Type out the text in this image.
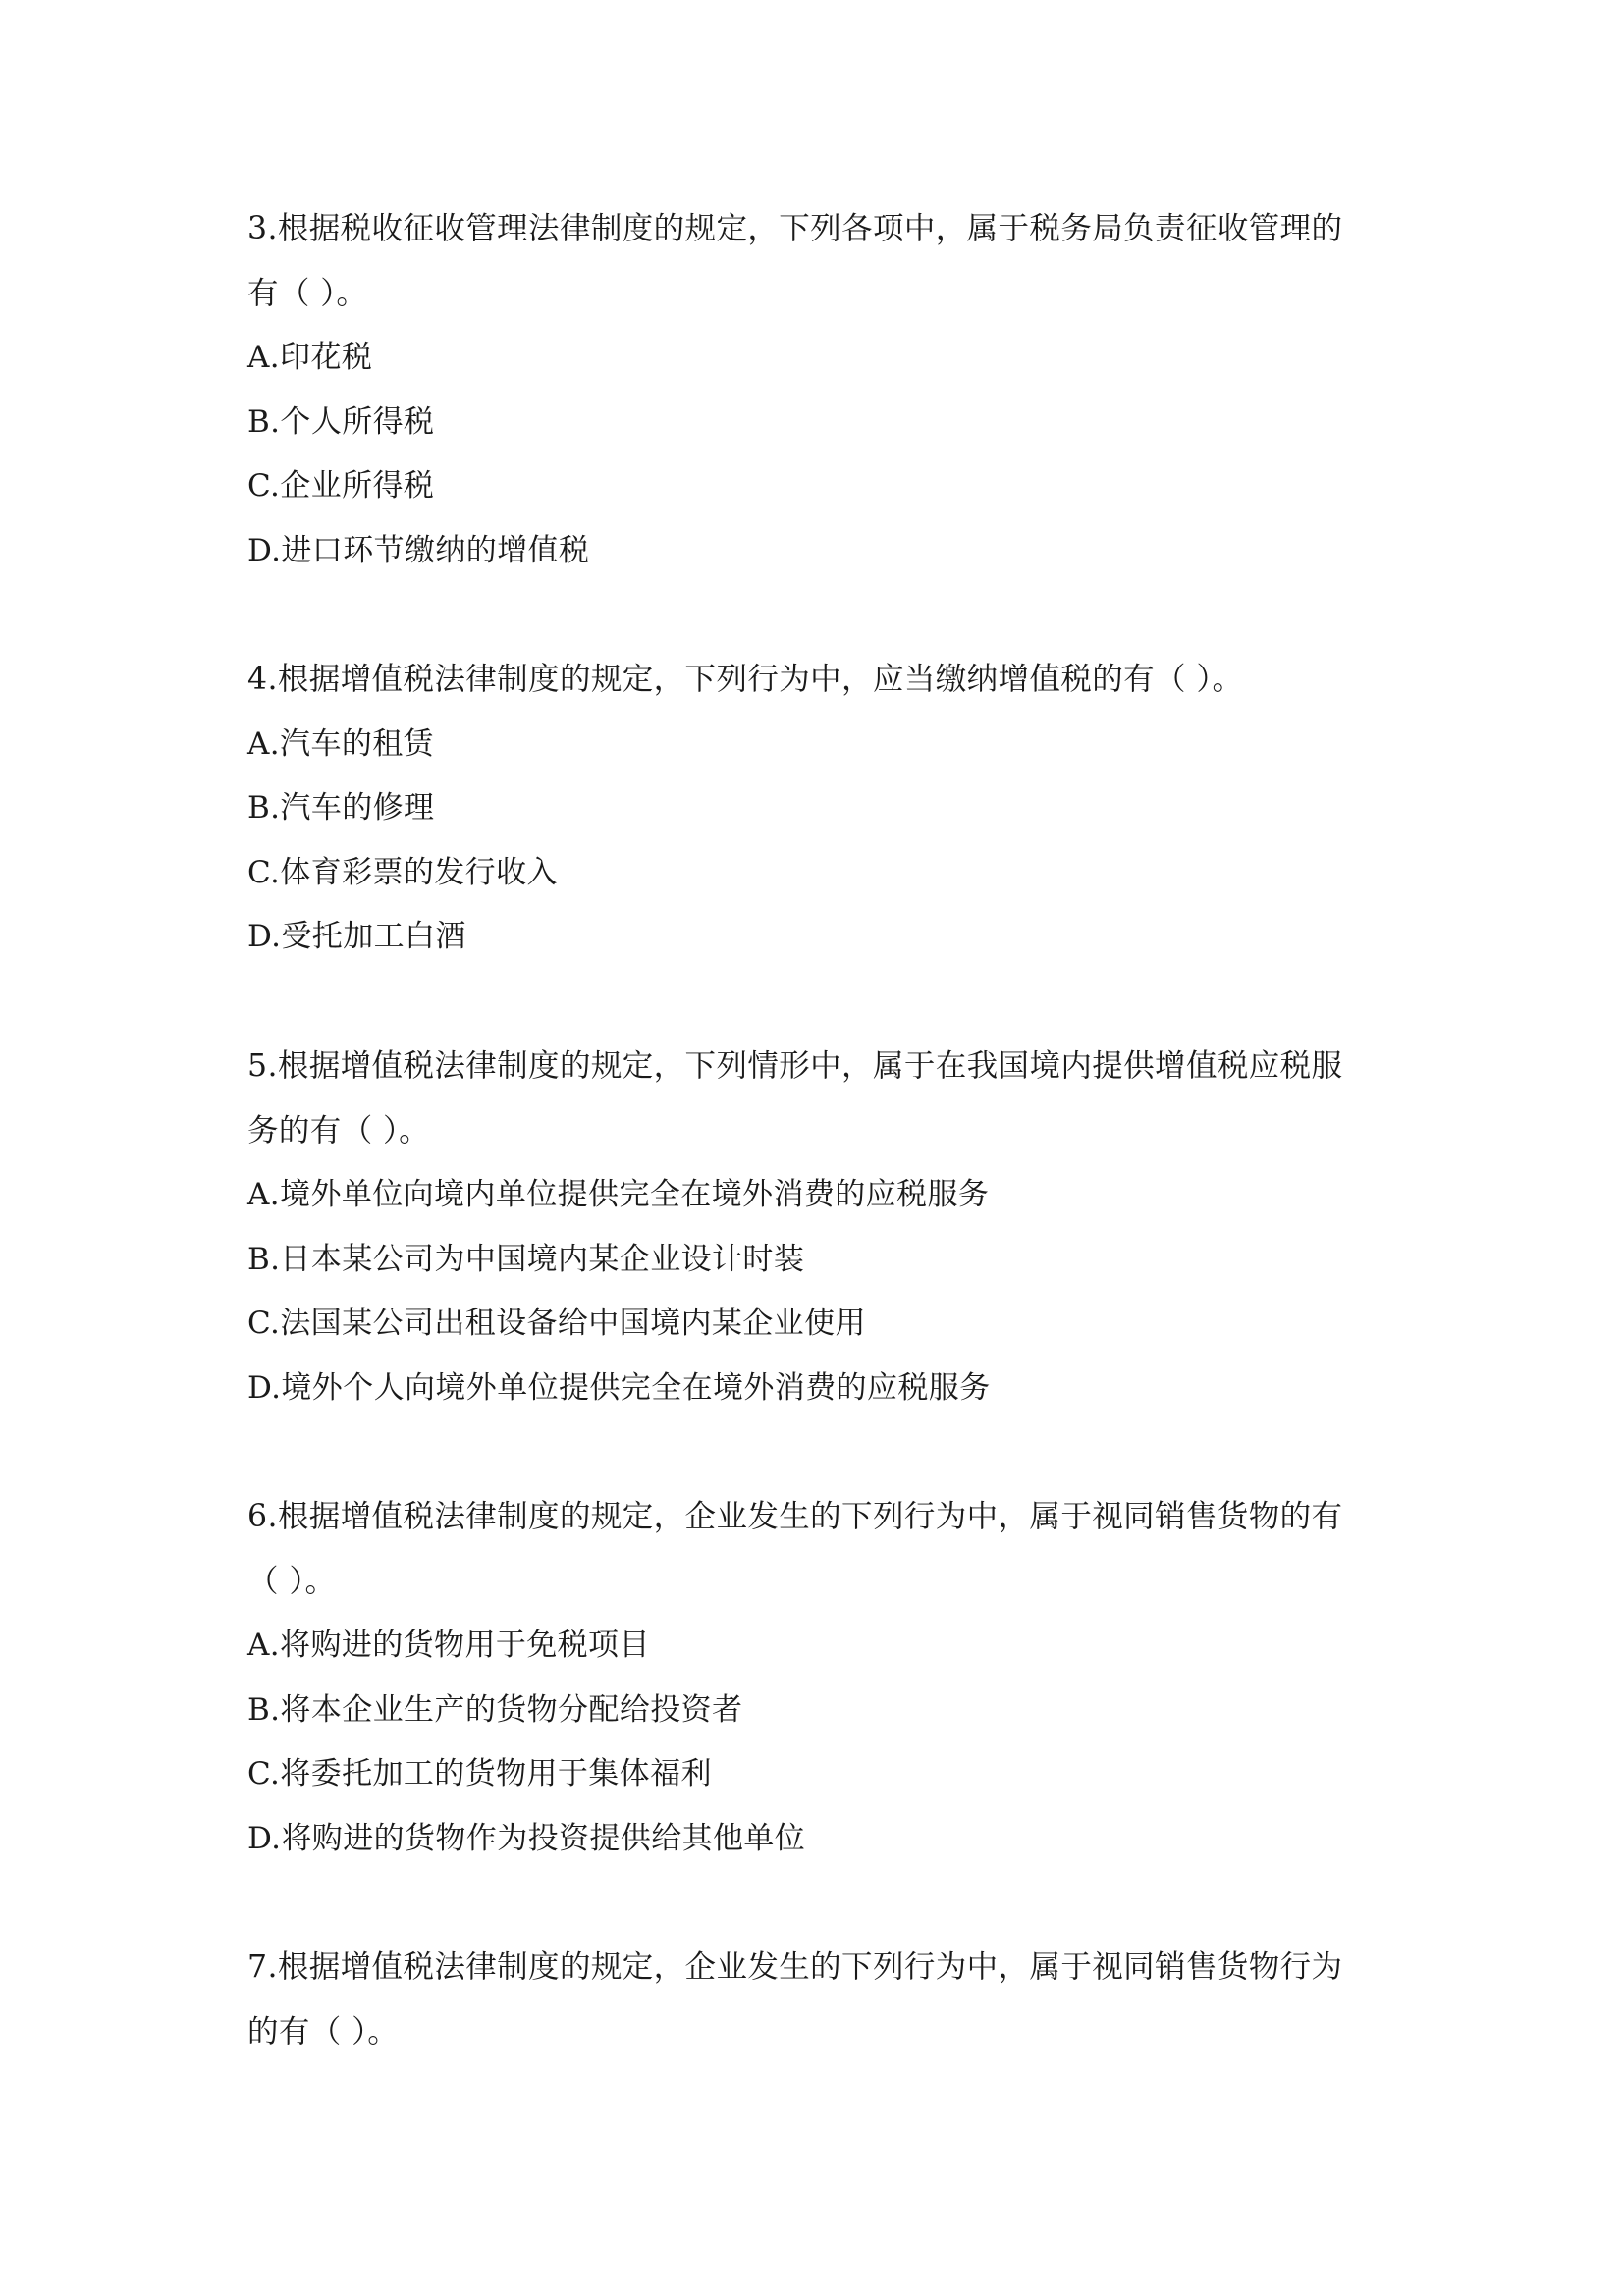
3.根据税收征收管理法律制度的规定，下列各项中，属于税务局负责征收管理的
有（ ）。
A.印花税
B.个人所得税
C.企业所得税
D.进口环节缴纳的增值税
4.根据增值税法律制度的规定，下列行为中，应当缴纳增值税的有（ ）。
A.汽车的租赁
B.汽车的修理
C.体育彩票的发行收入
D.受托加工白酒
5.根据增值税法律制度的规定，下列情形中，属于在我国境内提供增值税应税服
务的有（ ）。
A.境外单位向境内单位提供完全在境外消费的应税服务
B.日本某公司为中国境内某企业设计时装
C.法国某公司出租设备给中国境内某企业使用
D.境外个人向境外单位提供完全在境外消费的应税服务
6.根据增值税法律制度的规定，企业发生的下列行为中，属于视同销售货物的有
（ ）。
A.将购进的货物用于免税项目
B.将本企业生产的货物分配给投资者
C.将委托加工的货物用于集体福利
D.将购进的货物作为投资提供给其他单位
7.根据增值税法律制度的规定，企业发生的下列行为中，属于视同销售货物行为
的有（ ）。
